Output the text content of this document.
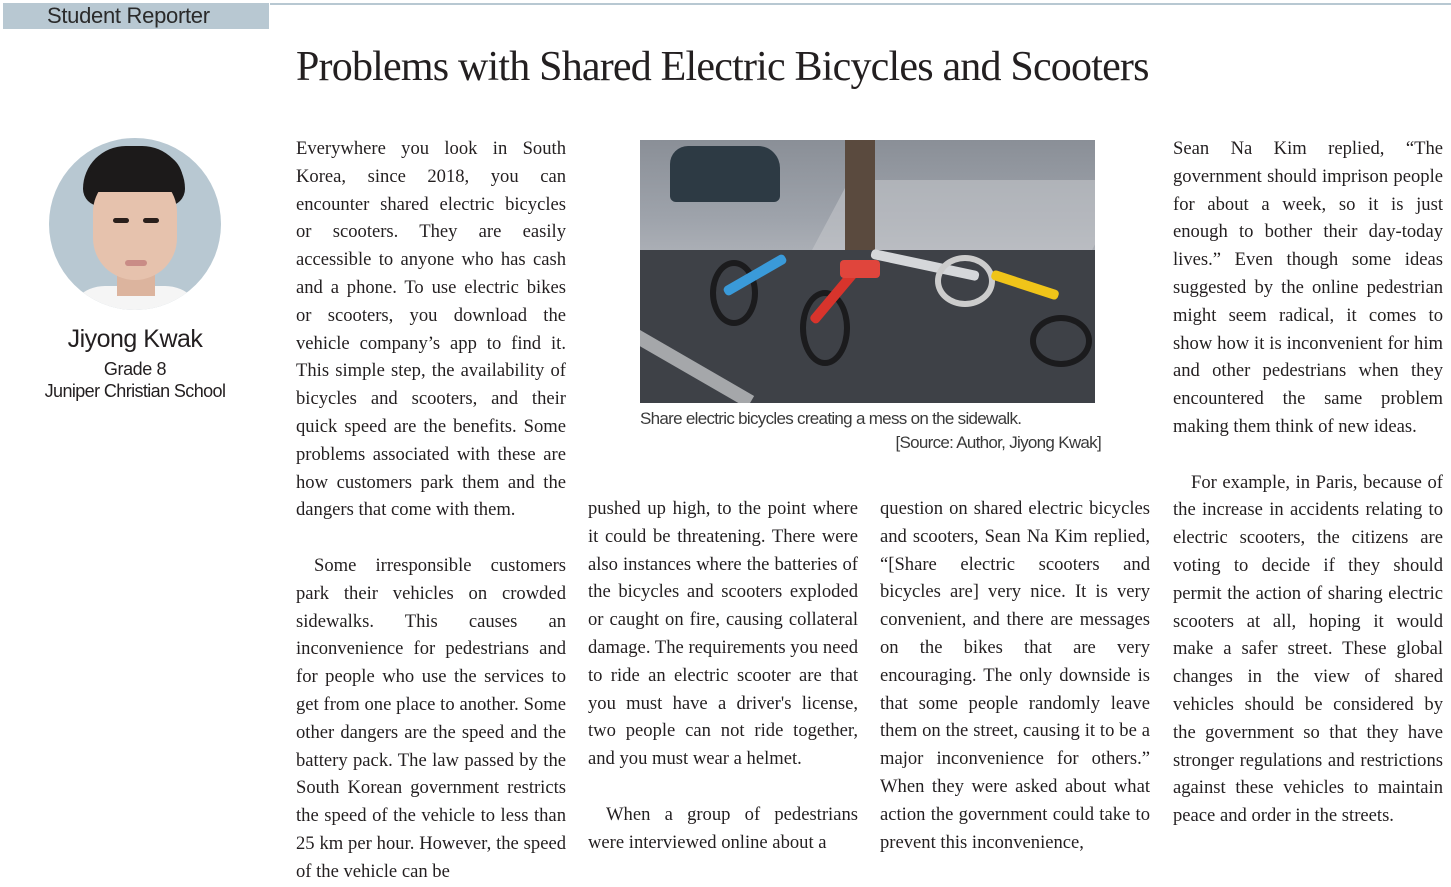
Student Reporter
Problems with Shared Electric Bicycles and Scooters
Jiyong Kwak
Grade 8
Juniper Christian School

Everywhere you look in South Korea, since 2018, you can encounter shared electric bicycles or scooters. They are easily accessible to anyone who has cash and a phone. To use electric bikes or scooters, you download the vehicle company’s app to find it. This simple step, the availability of bicycles and scooters, and their quick speed are the benefits. Some problems associated with these are how customers park them and the dangers that come with them.

Some irresponsible customers park their vehicles on crowded sidewalks. This causes an inconvenience for pedestrians and for people who use the services to get from one place to another. Some other dangers are the speed and the battery pack. The law passed by the South Korean government restricts the speed of the vehicle to less than 25 km per hour. However, the speed of the vehicle can be

Share electric bicycles creating a mess on the sidewalk.
[Source: Author, Jiyong Kwak]

pushed up high, to the point where it could be threatening. There were also instances where the batteries of the bicycles and scooters exploded or caught on fire, causing collateral damage. The requirements you need to ride an electric scooter are that you must have a driver's license, two people can not ride together, and you must wear a helmet.

When a group of pedestrians were interviewed online about a

question on shared electric bicycles and scooters, Sean Na Kim replied, “[Share electric scooters and bicycles are] very nice. It is very convenient, and there are messages on the bikes that are very encouraging. The only downside is that some people randomly leave them on the street, causing it to be a major inconvenience for others.” When they were asked about what action the government could take to prevent this inconvenience,

Sean Na Kim replied, “The government should imprison people for about a week, so it is just enough to bother their day-today lives.” Even though some ideas suggested by the online pedestrian might seem radical, it comes to show how it is inconvenient for him and other pedestrians when they encountered the same problem making them think of new ideas.

For example, in Paris, because of the increase in accidents relating to electric scooters, the citizens are voting to decide if they should permit the action of sharing electric scooters at all, hoping it would make a safer street. These global changes in the view of shared vehicles should be considered by the government so that they have stronger regulations and restrictions against these vehicles to maintain peace and order in the streets.
